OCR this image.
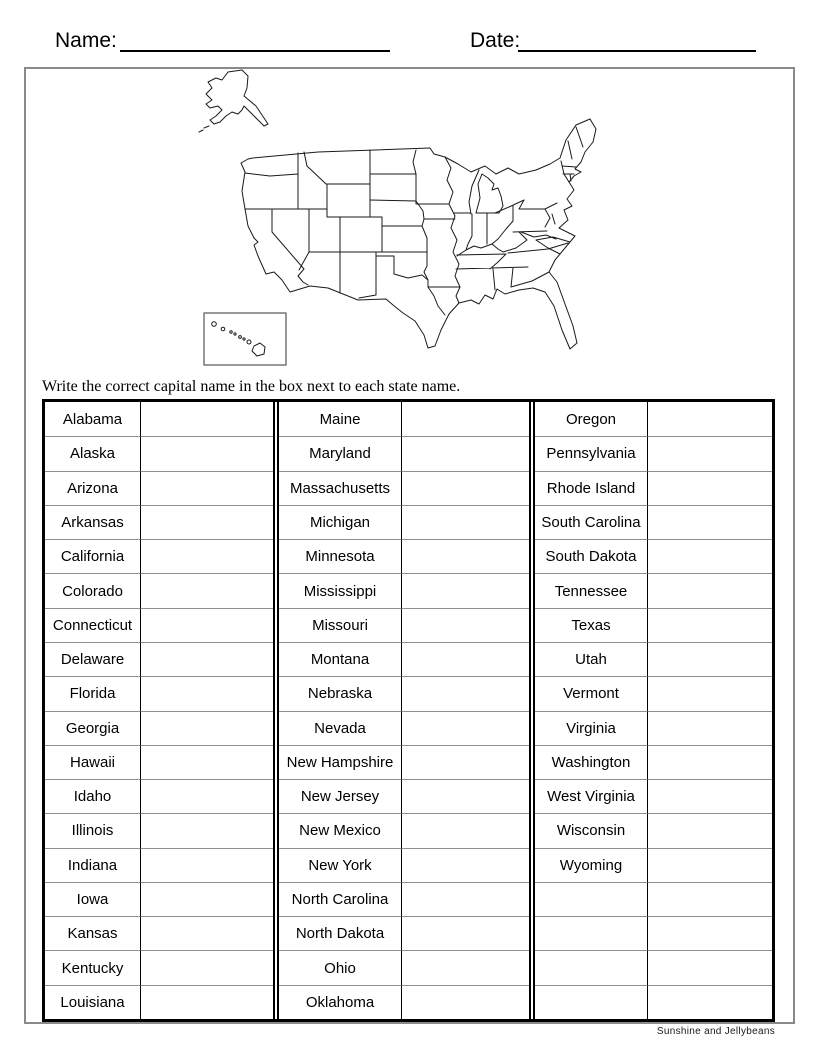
Name:	Date:
Write the correct capital name in the box next to each state name.
Alabama	Maine	Oregon
Alaska	Maryland	Pennsylvania
Arizona	Massachusetts	Rhode Island
Arkansas	Michigan	South Carolina
California	Minnesota	South Dakota
Colorado	Mississippi	Tennessee
Connecticut	Missouri	Texas
Delaware	Montana	Utah
Florida	Nebraska	Vermont
Georgia	Nevada	Virginia
Hawaii	New Hampshire	Washington
Idaho	New Jersey	West Virginia
Illinois	New Mexico	Wisconsin
Indiana	New York	Wyoming
Iowa	North Carolina
Kansas	North Dakota
Kentucky	Ohio
Louisiana	Oklahoma
Sunshine and Jellybeans
